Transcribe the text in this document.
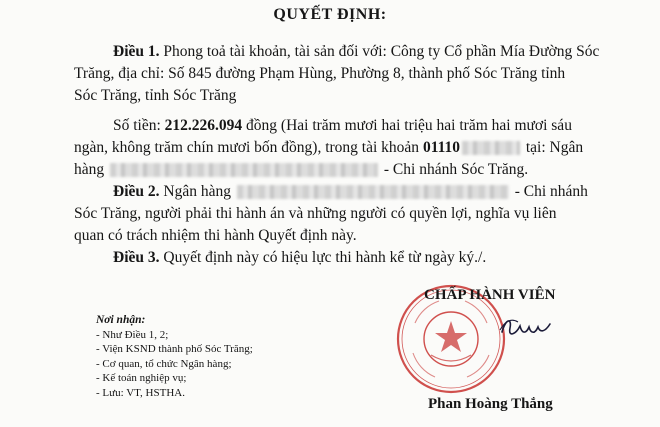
QUYẾT ĐỊNH:
Điều 1. Phong toả tài khoản, tài sản đối với: Công ty Cổ phần Mía Đường Sóc
Trăng, địa chỉ: Số 845 đường Phạm Hùng, Phường 8, thành phố Sóc Trăng tỉnh
Sóc Trăng, tỉnh Sóc Trăng
Số tiền: 212.226.094 đồng (Hai trăm mươi hai triệu hai trăm hai mươi sáu
ngàn, không trăm chín mươi bốn đồng), trong tài khoản 01110	tại: Ngân
hàng	- Chi nhánh Sóc Trăng.
Điều 2. Ngân hàng	- Chi nhánh
Sóc Trăng, người phải thi hành án và những người có quyền lợi, nghĩa vụ liên
quan có trách nhiệm thi hành Quyết định này.
Điều 3. Quyết định này có hiệu lực thi hành kể từ ngày ký./.
Nơi nhận:
- Như Điều 1, 2;
- Viện KSND thành phố Sóc Trăng;
- Cơ quan, tổ chức Ngân hàng;
- Kế toán nghiệp vụ;
- Lưu: VT, HSTHA.
CHẤP HÀNH VIÊN
Phan Hoàng Thắng
